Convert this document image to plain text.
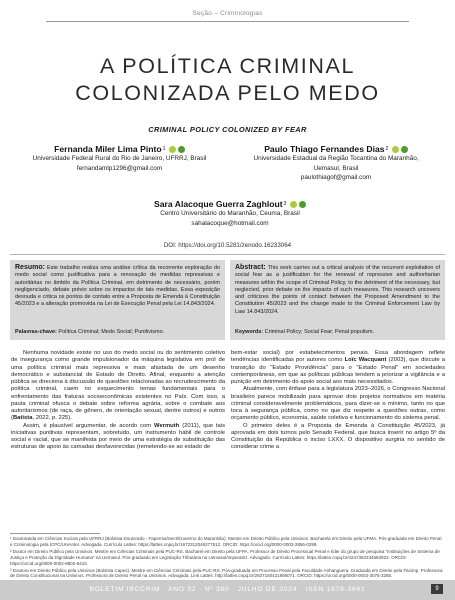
Seção – Criminologias
A POLÍTICA CRIMINAL
COLONIZADA PELO MEDO
CRIMINAL POLICY COLONIZED BY FEAR
Fernanda Miler Lima Pinto 1
Universidade Federal Rural do Rio de Janeiro, UFRRJ, Brasil
fernandamlp1296@gmail.com
Paulo Thiago Fernandes Dias 2
Universidade Estadual da Região Tocantina do Maranhão,
Uemasul, Brasil
paulothiagof@gmail.com
Sara Alacoque Guerra Zaghlout 3
Centro Universitário do Maranhão, Ceuma, Brasil
sahalacoque@hotmail.com
DOI: https://doi.org/10.5281/zenodo.16233064
Resumo: Este trabalho realiza uma análise crítica da recorrente exploração do medo social como justificativa para a renovação de medidas repressivas e autoritárias no âmbito da Política Criminal, em detrimento de necessário, porém negligenciado, debate prévio sobre os impactos de tais medidas. Essa exposição desnuda e critica os pontos de contato entre a Proposta de Emenda à Constituição 45/2023 e a alteração promovida na Lei de Execução Penal pela Lei 14.843/2024.
Palavras-chave: Política Criminal; Medo Social; Punitivismo.
Abstract: This work carries out a critical analysis of the recurrent exploitation of social fear as a justification for the renewal of repressive and authoritarian measures within the scope of Criminal Policy, to the detriment of the necessary, but neglected, prior debate on the impacts of such measures. This research uncovers and criticizes the points of contact between the Proposed Amendment to the Constitution 45/2023 and the change made to the Criminal Enforcement Law by Law 14.843/2024.
Keywords: Criminal Policy; Social Fear; Penal populism.

Nenhuma novidade existe no uso do medo social ou do sentimento coletivo de insegurança como grande impulsionador da máquina legislativa em prol de uma política criminal mais repressiva e mais afastada de um desenho democrático e substancial de Estado de Direito. Afinal, enquanto a atenção pública se direciona à discussão de questões relacionadas ao recrudescimento da política criminal, caem no esquecimento temas fundamentais para o enfrentamento das fraturas socioeconômicas existentes no País. Com isso, a pauta criminal ofusca o debate sobre reforma agrária, sobre o combate aos autoritarismos (de raça, de gênero, de orientação sexual, dentre outros) e outros (Batista, 2022, p. 225).

Assim, é plausível argumentar, de acordo com Wermuth (2011), que tais iniciativas punitivas representam, sobretudo, um instrumento hábil de controle social e racial, que se manifesta por meio de uma estratégia de substituição das estruturas de apoio às camadas desfavorecidas (remetendo-se ao estado de

bem-estar social) por estabelecimentos penais. Essa abordagem reflete tendências identificadas por autores como Loïc Wacquant (2003), que discute a transição do "Estado Providência" para o "Estado Penal" em sociedades contemporâneas, em que as políticas públicas tendem a priorizar a vigilância e a punição em detrimento do apoio social aos mais necessitados.

Atualmente, com ênfase para a legislatura 2023–2026, o Congresso Nacional brasileiro parece mobilizado para aprovar dois projetos normativos em matéria criminal consideravelmente problemáticos, para dizer-se o mínimo, tanto no que toca à segurança pública, como no que diz respeito a questões outras, como orçamento público, economia, saúde coletiva e funcionamento do sistema penal.

O primeiro deles é a Proposta de Emenda à Constituição 45/2023, já aprovada em dois turnos pelo Senado Federal, que busca inserir no artigo 5º da Constituição da República o inciso LXXX. O dispositivo surgiria no sentido de considerar crime a

¹ Doutoranda em Ciências Sociais pela UFRRJ (Bolsista Doutorado - Faperma/Secti/Governo do Maranhão). Mestre em Direito Público pela Unisinos. Bacharela em Direito pela UFMA. Pós-graduada em Direito Penal e Criminologia pela ICPC/UniAnter. Advogada. Currículo Lattes: https://lattes.cnpq.br/1672312046277512. ORCID: https://orcid.org/0000-0003-2856-0299.

² Doutor em Direito Público pela Unisinos. Mestre em Ciências Criminais pela PUC-RS. Bacharel em Direito pela UFPA. Professor de Direito Processual Penal e líder do grupo de pesquisa "Instituições de Sistema de Justiça e Proteção da Dignidade Humana" na Uemasul. Pós-graduado em Legislação Tributária na Uemasul/Imperatriz. Advogado. Currículo Lattes: https://lattes.cnpq.br/4247352234663822. ORCID: https://orcid.org/0000-0002-8802-6410.

³ Doutora em Direito Público pela Unisinos (Bolsista Capes). Mestre em Ciências Criminais pela PUC-RS. Pós-graduada em Processo Penal pela Faculdade Anhanguera. Graduada em Direito pela Facimp. Professora de Direito Constitucional na Unisinos. Professora de Direito Penal na Unisinos. Advogada. Link Lattes: http://lattes.cnpq.br/2927150421895071. ORCID: https://orcid.org/0000-0003-3076-3285.

BOLETIM IBCCRIM · ANO 32 · Nº 380 · JULHO DE 2024 · ISSN 1676-3661	9
